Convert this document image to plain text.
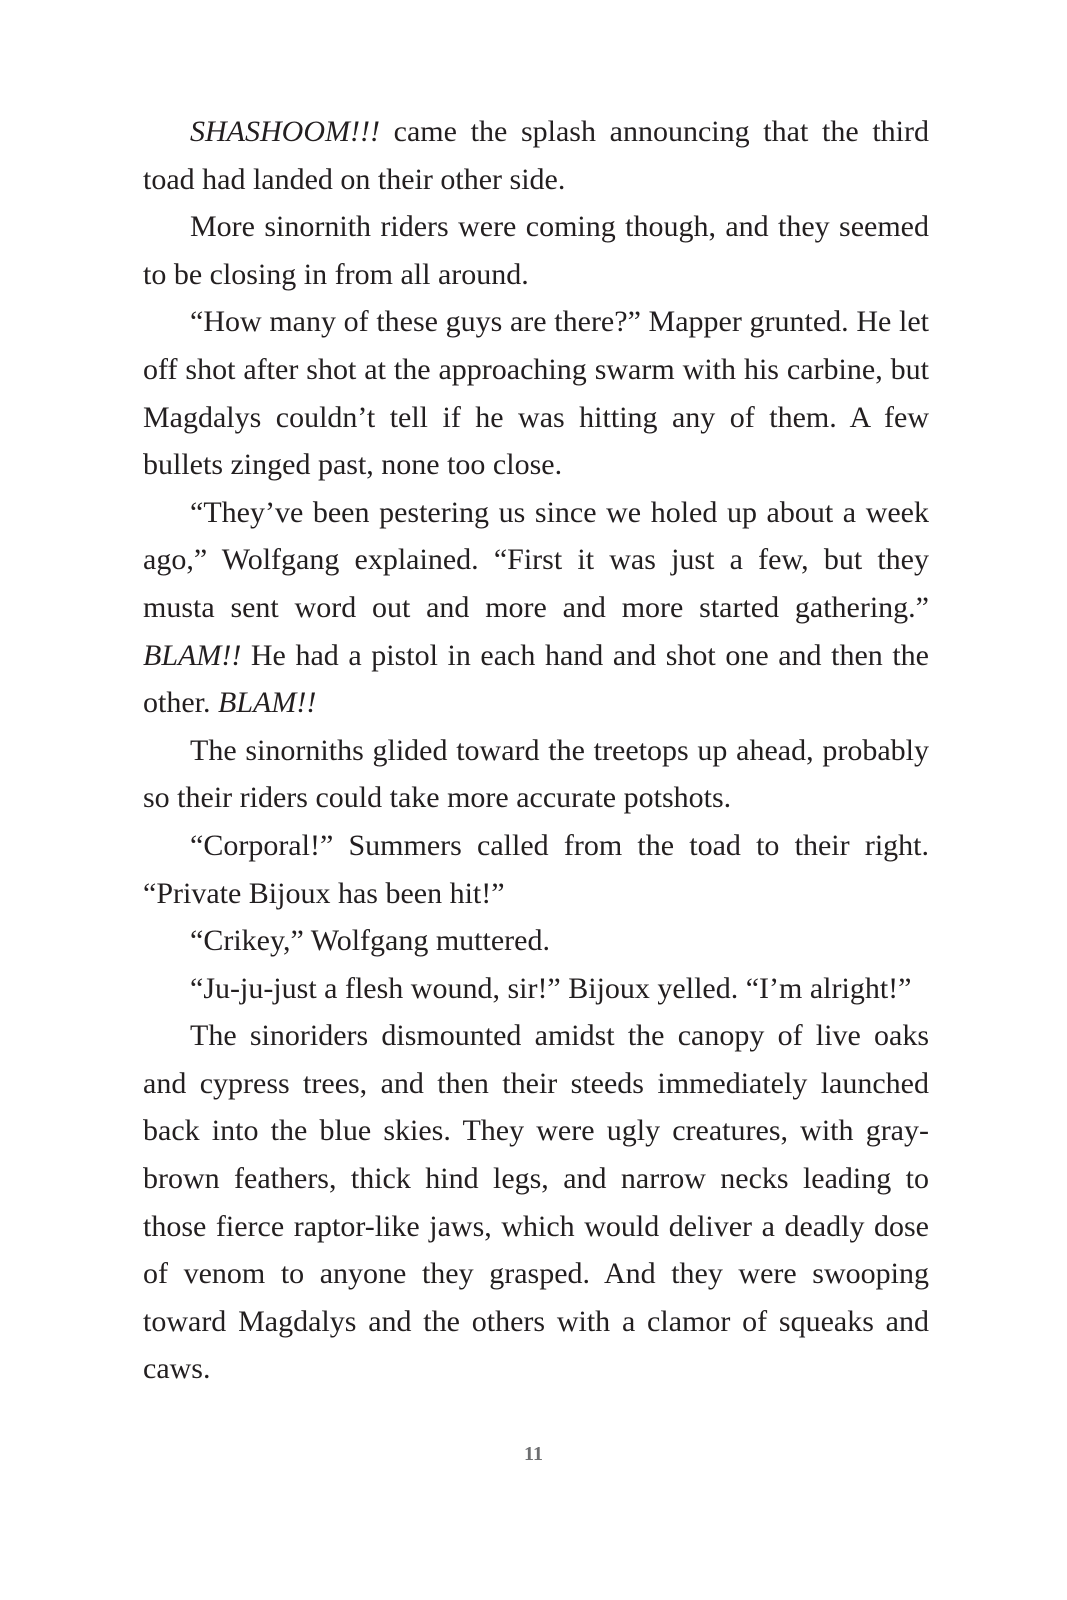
SHASHOOM!!! came the splash announcing that the third toad had landed on their other side.

More sinornith riders were coming though, and they seemed to be closing in from all around.

“How many of these guys are there?” Mapper grunted. He let off shot after shot at the approaching swarm with his carbine, but Magdalys couldn’t tell if he was hitting any of them. A few bullets zinged past, none too close.

“They’ve been pestering us since we holed up about a week ago,” Wolfgang explained. “First it was just a few, but they musta sent word out and more and more started gathering.” BLAM!! He had a pistol in each hand and shot one and then the other. BLAM!!

The sinorniths glided toward the treetops up ahead, probably so their riders could take more accurate potshots.

“Corporal!” Summers called from the toad to their right. “Private Bijoux has been hit!”

“Crikey,” Wolfgang muttered.

“Ju-ju-just a flesh wound, sir!” Bijoux yelled. “I’m alright!”

The sinoriders dismounted amidst the canopy of live oaks and cypress trees, and then their steeds immediately launched back into the blue skies. They were ugly creatures, with gray-brown feathers, thick hind legs, and narrow necks leading to those fierce raptor-like jaws, which would deliver a deadly dose of venom to anyone they grasped. And they were swooping toward Magdalys and the others with a clamor of squeaks and caws.

11
